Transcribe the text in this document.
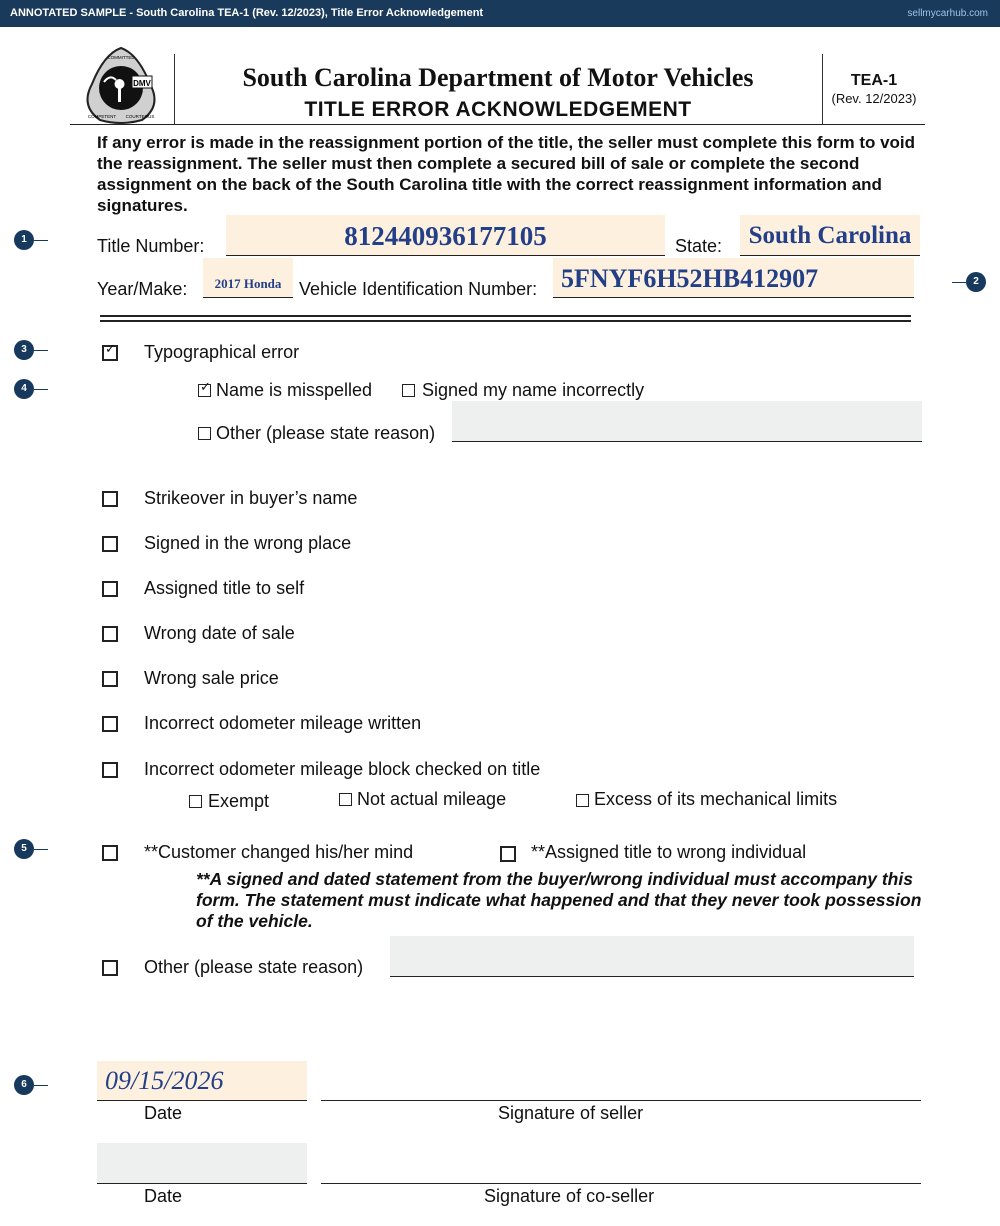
ANNOTATED SAMPLE - South Carolina TEA-1 (Rev. 12/2023), Title Error Acknowledgement	sellmycarhub.com
DMV
COMMITTED
COMPETENT COURTEOUS
South Carolina Department of Motor Vehicles
TITLE ERROR ACKNOWLEDGEMENT
TEA-1
(Rev. 12/2023)
If any error is made in the reassignment portion of the title, the seller must complete this form to void the reassignment. The seller must then complete a secured bill of sale or complete the second assignment on the back of the South Carolina title with the correct reassignment information and signatures.
1	Title Number:	812440936177105	State:	South Carolina
Year/Make:	2017 Honda Vehicle Identification Number: 5FNYF6H52HB412907	2
3	✓ Typographical error
4	✓ Name is misspelled	Signed my name incorrectly
Other (please state reason)
Strikeover in buyer’s name
Signed in the wrong place
Assigned title to self
Wrong date of sale
Wrong sale price
Incorrect odometer mileage written
Incorrect odometer mileage block checked on title
Exempt	Not actual mileage	Excess of its mechanical limits
5	**Customer changed his/her mind	**Assigned title to wrong individual
**A signed and dated statement from the buyer/wrong individual must accompany this form. The statement must indicate what happened and that they never took possession of the vehicle.
Other (please state reason)
6	09/15/2026
Date	Signature of seller
Date	Signature of co-seller
